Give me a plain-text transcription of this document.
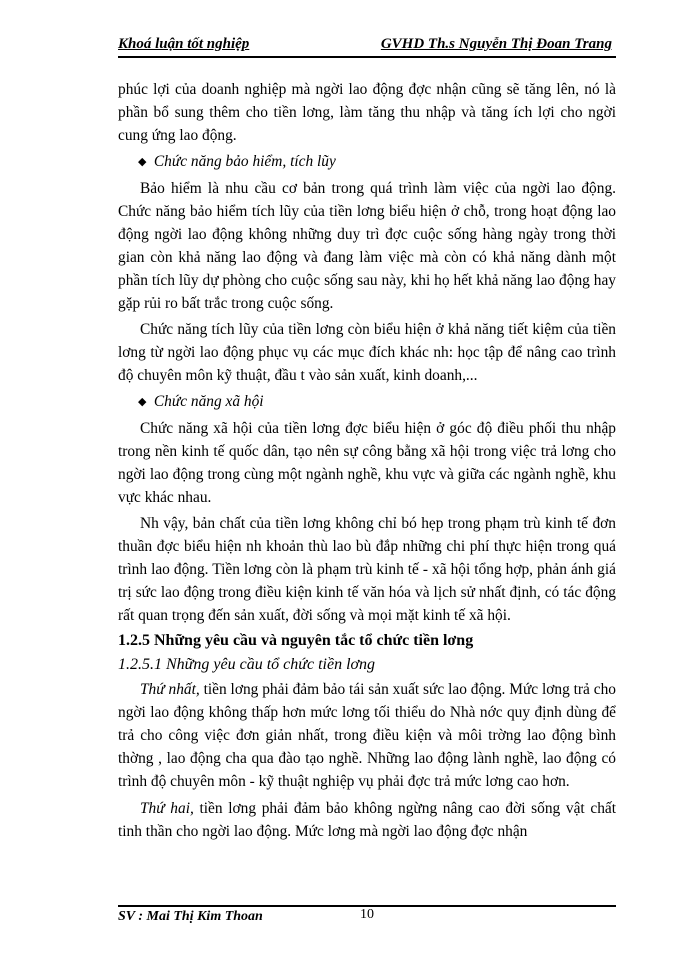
Khoá luận tốt nghiệp	GVHD Th.s Nguyễn Thị Đoan Trang

phúc lợi của doanh nghiệp mà ngời lao động đợc nhận cũng sẽ tăng lên, nó là phần bổ sung thêm cho tiền lơng, làm tăng thu nhập và tăng ích lợi cho ngời cung ứng lao động.

◆ Chức năng bảo hiểm, tích lũy

Bảo hiểm là nhu cầu cơ bản trong quá trình làm việc của ngời lao động. Chức năng bảo hiểm tích lũy của tiền lơng biểu hiện ở chỗ, trong hoạt động lao động ngời lao động không những duy trì đợc cuộc sống hàng ngày trong thời gian còn khả năng lao động và đang làm việc mà còn có khả năng dành một phần tích lũy dự phòng cho cuộc sống sau này, khi họ hết khả năng lao động hay gặp rủi ro bất trắc trong cuộc sống.

Chức năng tích lũy của tiền lơng còn biểu hiện ở khả năng tiết kiệm của tiền lơng từ ngời lao động phục vụ các mục đích khác nh: học tập để nâng cao trình độ chuyên môn kỹ thuật, đầu t vào sản xuất, kinh doanh,...

◆ Chức năng xã hội

Chức năng xã hội của tiền lơng đợc biểu hiện ở góc độ điều phối thu nhập trong nền kinh tế quốc dân, tạo nên sự công bằng xã hội trong việc trả lơng cho ngời lao động trong cùng một ngành nghề, khu vực và giữa các ngành nghề, khu vực khác nhau.

Nh vậy, bản chất của tiền lơng không chỉ bó hẹp trong phạm trù kinh tế đơn thuần đợc biểu hiện nh khoản thù lao bù đắp những chi phí thực hiện trong quá trình lao động. Tiền lơng còn là phạm trù kinh tế - xã hội tổng hợp, phản ánh giá trị sức lao động trong điều kiện kinh tế văn hóa và lịch sử nhất định, có tác động rất quan trọng đến sản xuất, đời sống và mọi mặt kinh tế xã hội.

1.2.5 Những yêu cầu và nguyên tắc tổ chức tiền lơng
1.2.5.1 Những yêu cầu tổ chức tiền lơng

Thứ nhất, tiền lơng phải đảm bảo tái sản xuất sức lao động. Mức lơng trả cho ngời lao động không thấp hơn mức lơng tối thiểu do Nhà nớc quy định dùng để trả cho công việc đơn giản nhất, trong điều kiện và môi trờng lao động bình thờng , lao động cha qua đào tạo nghề. Những lao động lành nghề, lao động có trình độ chuyên môn - kỹ thuật nghiệp vụ phải đợc trả mức lơng cao hơn.

Thứ hai, tiền lơng phải đảm bảo không ngừng nâng cao đời sống vật chất tinh thần cho ngời lao động. Mức lơng mà ngời lao động đợc nhận

SV : Mai Thị Kim Thoan	10
